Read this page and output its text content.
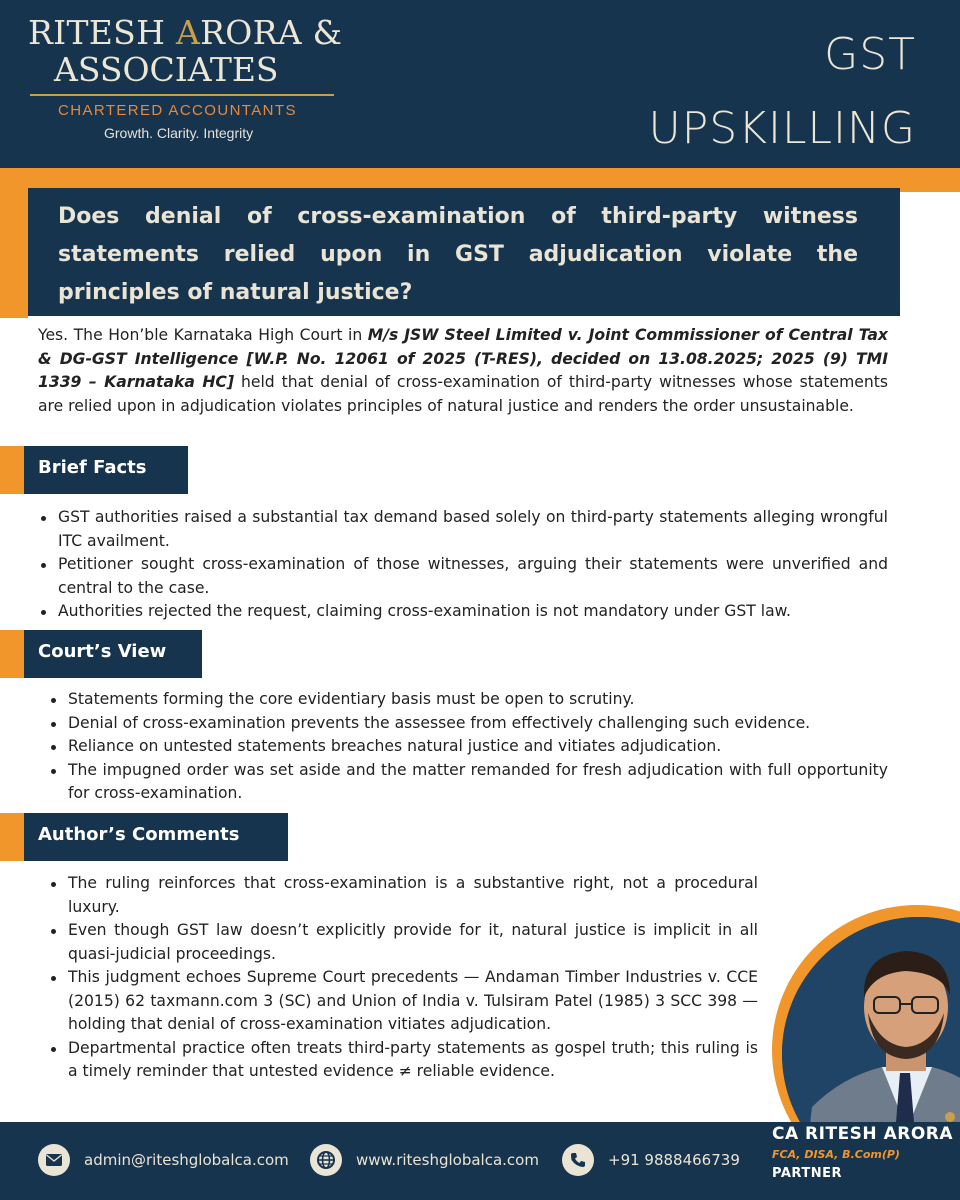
RITESH ARORA &
ASSOCIATES
CHARTERED ACCOUNTANTS
Growth. Clarity. Integrity
GST
UPSKILLING

Does denial of cross-examination of third-party witness statements relied upon in GST adjudication violate the principles of natural justice?

Yes. The Hon’ble Karnataka High Court in M/s JSW Steel Limited v. Joint Commissioner of Central Tax & DG-GST Intelligence [W.P. No. 12061 of 2025 (T-RES), decided on 13.08.2025; 2025 (9) TMI 1339 – Karnataka HC] held that denial of cross-examination of third-party witnesses whose statements are relied upon in adjudication violates principles of natural justice and renders the order unsustainable.
Brief Facts
GST authorities raised a substantial tax demand based solely on third-party statements alleging wrongful ITC availment.
Petitioner sought cross-examination of those witnesses, arguing their statements were unverified and central to the case.
Authorities rejected the request, claiming cross-examination is not mandatory under GST law.
Court’s View
Statements forming the core evidentiary basis must be open to scrutiny.
Denial of cross-examination prevents the assessee from effectively challenging such evidence.
Reliance on untested statements breaches natural justice and vitiates adjudication.
The impugned order was set aside and the matter remanded for fresh adjudication with full opportunity for cross-examination.
Author’s Comments
The ruling reinforces that cross-examination is a substantive right, not a procedural luxury.
Even though GST law doesn’t explicitly provide for it, natural justice is implicit in all quasi-judicial proceedings.
This judgment echoes Supreme Court precedents — Andaman Timber Industries v. CCE (2015) 62 taxmann.com 3 (SC) and Union of India v. Tulsiram Patel (1985) 3 SCC 398 — holding that denial of cross-examination vitiates adjudication.
Departmental practice often treats third-party statements as gospel truth; this ruling is a timely reminder that untested evidence ≠ reliable evidence.
admin@riteshglobalca.com	www.riteshglobalca.com	+91 9888466739
CA RITESH ARORA
FCA, DISA, B.Com(P)
PARTNER
